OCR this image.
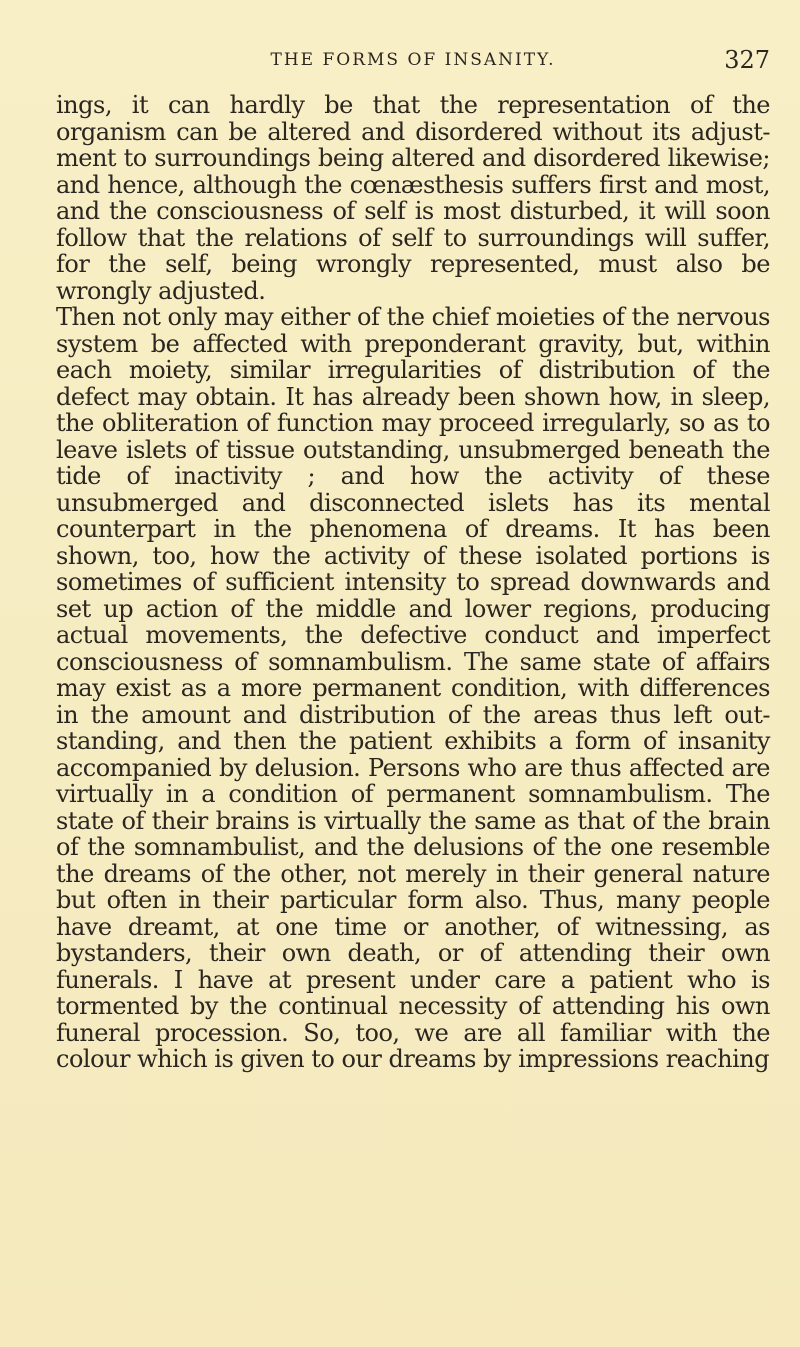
THE FORMS OF INSANITY.	327

ings, it can hardly be that the representation of the organism can be altered and disordered without its adjust-ment to surroundings being altered and disordered likewise; and hence, although the cœnæsthesis suffers first and most, and the consciousness of self is most disturbed, it will soon follow that the relations of self to surroundings will suffer, for the self, being wrongly represented, must also be wrongly adjusted.

Then not only may either of the chief moieties of the nervous system be affected with preponderant gravity, but, within each moiety, similar irregularities of distribution of the defect may obtain. It has already been shown how, in sleep, the obliteration of function may proceed irregularly, so as to leave islets of tissue outstanding, unsubmerged beneath the tide of inactivity ; and how the activity of these unsubmerged and disconnected islets has its mental counterpart in the phenomena of dreams. It has been shown, too, how the activity of these isolated portions is sometimes of sufficient intensity to spread downwards and set up action of the middle and lower regions, producing actual movements, the defective conduct and imperfect consciousness of somnambulism. The same state of affairs may exist as a more permanent condition, with differences in the amount and distribution of the areas thus left out-standing, and then the patient exhibits a form of insanity accompanied by delusion. Persons who are thus affected are virtually in a condition of permanent somnambulism. The state of their brains is virtually the same as that of the brain of the somnambulist, and the delusions of the one resemble the dreams of the other, not merely in their general nature but often in their particular form also. Thus, many people have dreamt, at one time or another, of witnessing, as bystanders, their own death, or of attending their own funerals. I have at present under care a patient who is tormented by the continual necessity of attending his own funeral procession. So, too, we are all familiar with the colour which is given to our dreams by impressions reaching
